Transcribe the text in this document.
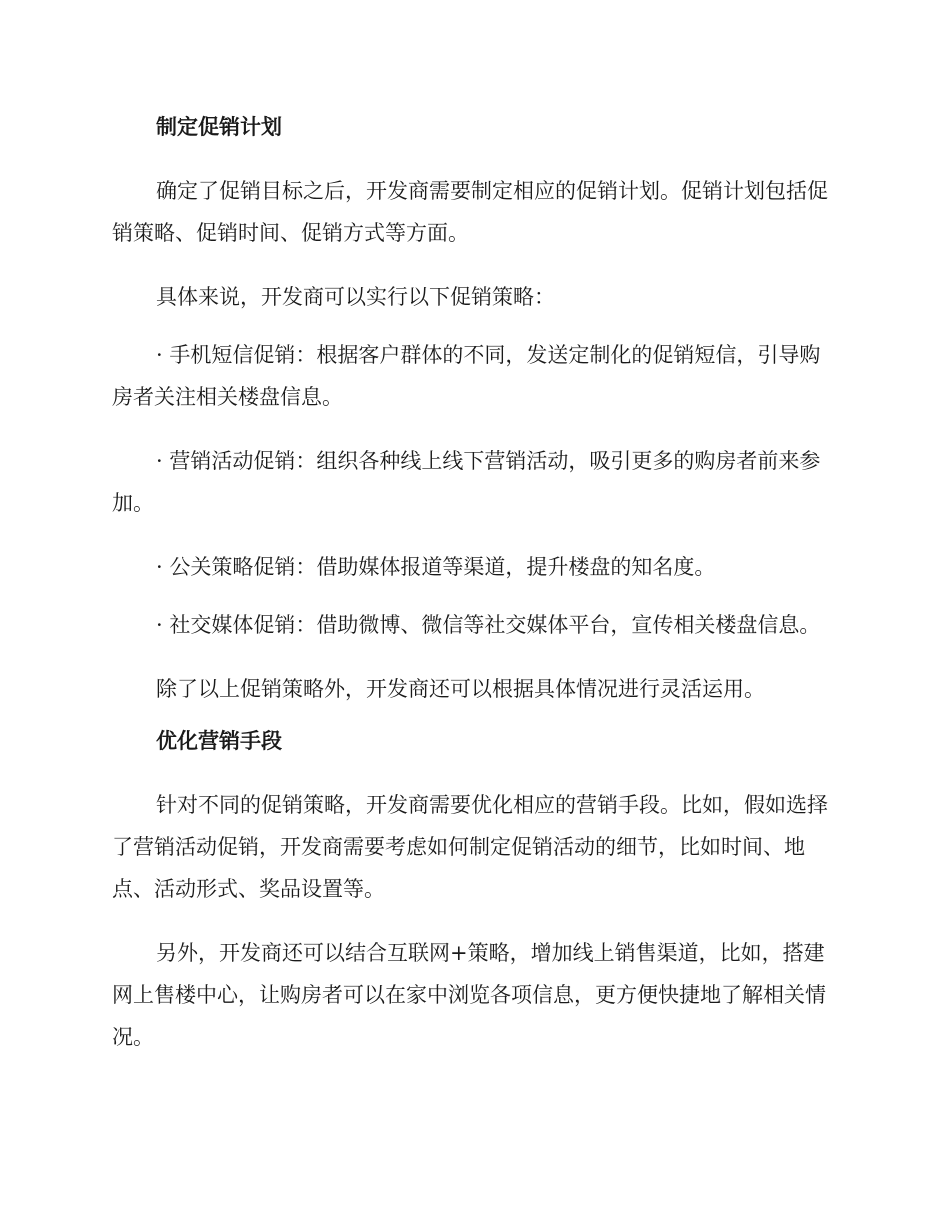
制定促销计划

确定了促销目标之后，开发商需要制定相应的促销计划。促销计划包括促销策略、促销时间、促销方式等方面。

具体来说，开发商可以实行以下促销策略：

· 手机短信促销：根据客户群体的不同，发送定制化的促销短信，引导购房者关注相关楼盘信息。

· 营销活动促销：组织各种线上线下营销活动，吸引更多的购房者前来参加。

· 公关策略促销：借助媒体报道等渠道，提升楼盘的知名度。

· 社交媒体促销：借助微博、微信等社交媒体平台，宣传相关楼盘信息。

除了以上促销策略外，开发商还可以根据具体情况进行灵活运用。

优化营销手段

针对不同的促销策略，开发商需要优化相应的营销手段。比如，假如选择了营销活动促销，开发商需要考虑如何制定促销活动的细节，比如时间、地点、活动形式、奖品设置等。

另外，开发商还可以结合互联网+策略，增加线上销售渠道，比如，搭建网上售楼中心，让购房者可以在家中浏览各项信息，更方便快捷地了解相关情况。
